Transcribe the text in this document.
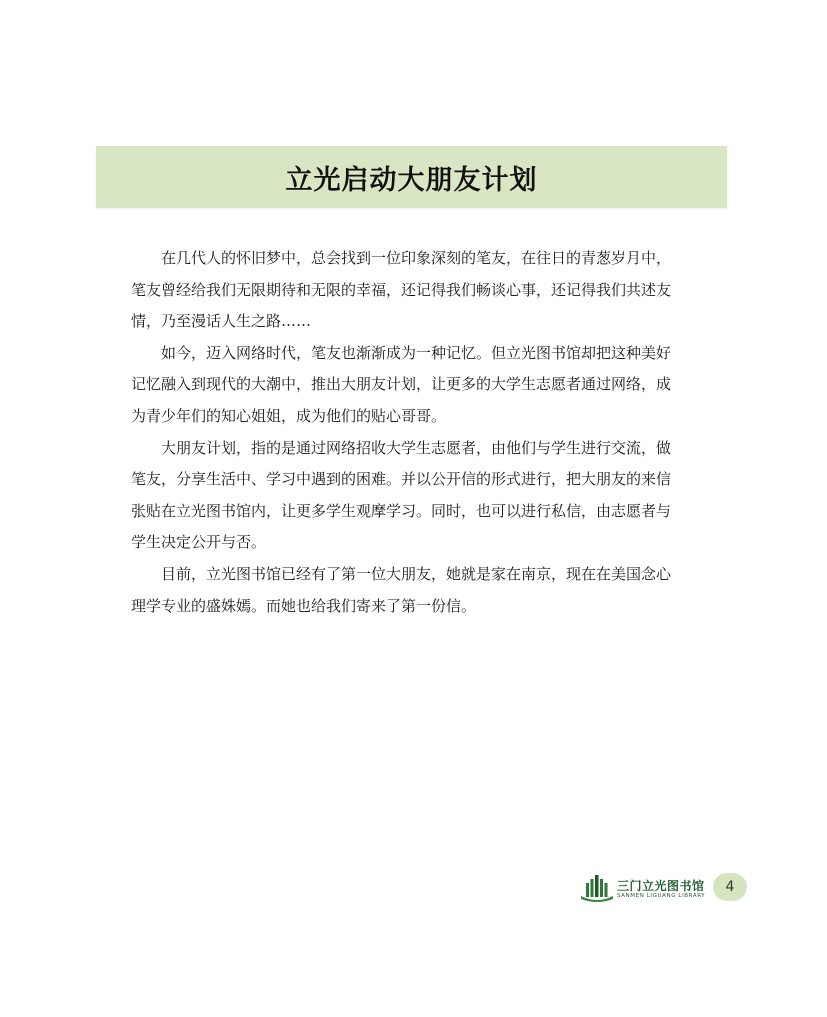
立光启动大朋友计划

在几代人的怀旧梦中，总会找到一位印象深刻的笔友，在往日的青葱岁月中，笔友曾经给我们无限期待和无限的幸福，还记得我们畅谈心事，还记得我们共述友情，乃至漫话人生之路……

如今，迈入网络时代，笔友也渐渐成为一种记忆。但立光图书馆却把这种美好记忆融入到现代的大潮中，推出大朋友计划，让更多的大学生志愿者通过网络，成为青少年们的知心姐姐，成为他们的贴心哥哥。

大朋友计划，指的是通过网络招收大学生志愿者，由他们与学生进行交流，做笔友，分享生活中、学习中遇到的困难。并以公开信的形式进行，把大朋友的来信张贴在立光图书馆内，让更多学生观摩学习。同时，也可以进行私信，由志愿者与学生决定公开与否。

目前，立光图书馆已经有了第一位大朋友，她就是家在南京，现在在美国念心理学专业的盛姝嫣。而她也给我们寄来了第一份信。

三门立光图书馆
SANMEN LIGUANG LIBRARY
4
